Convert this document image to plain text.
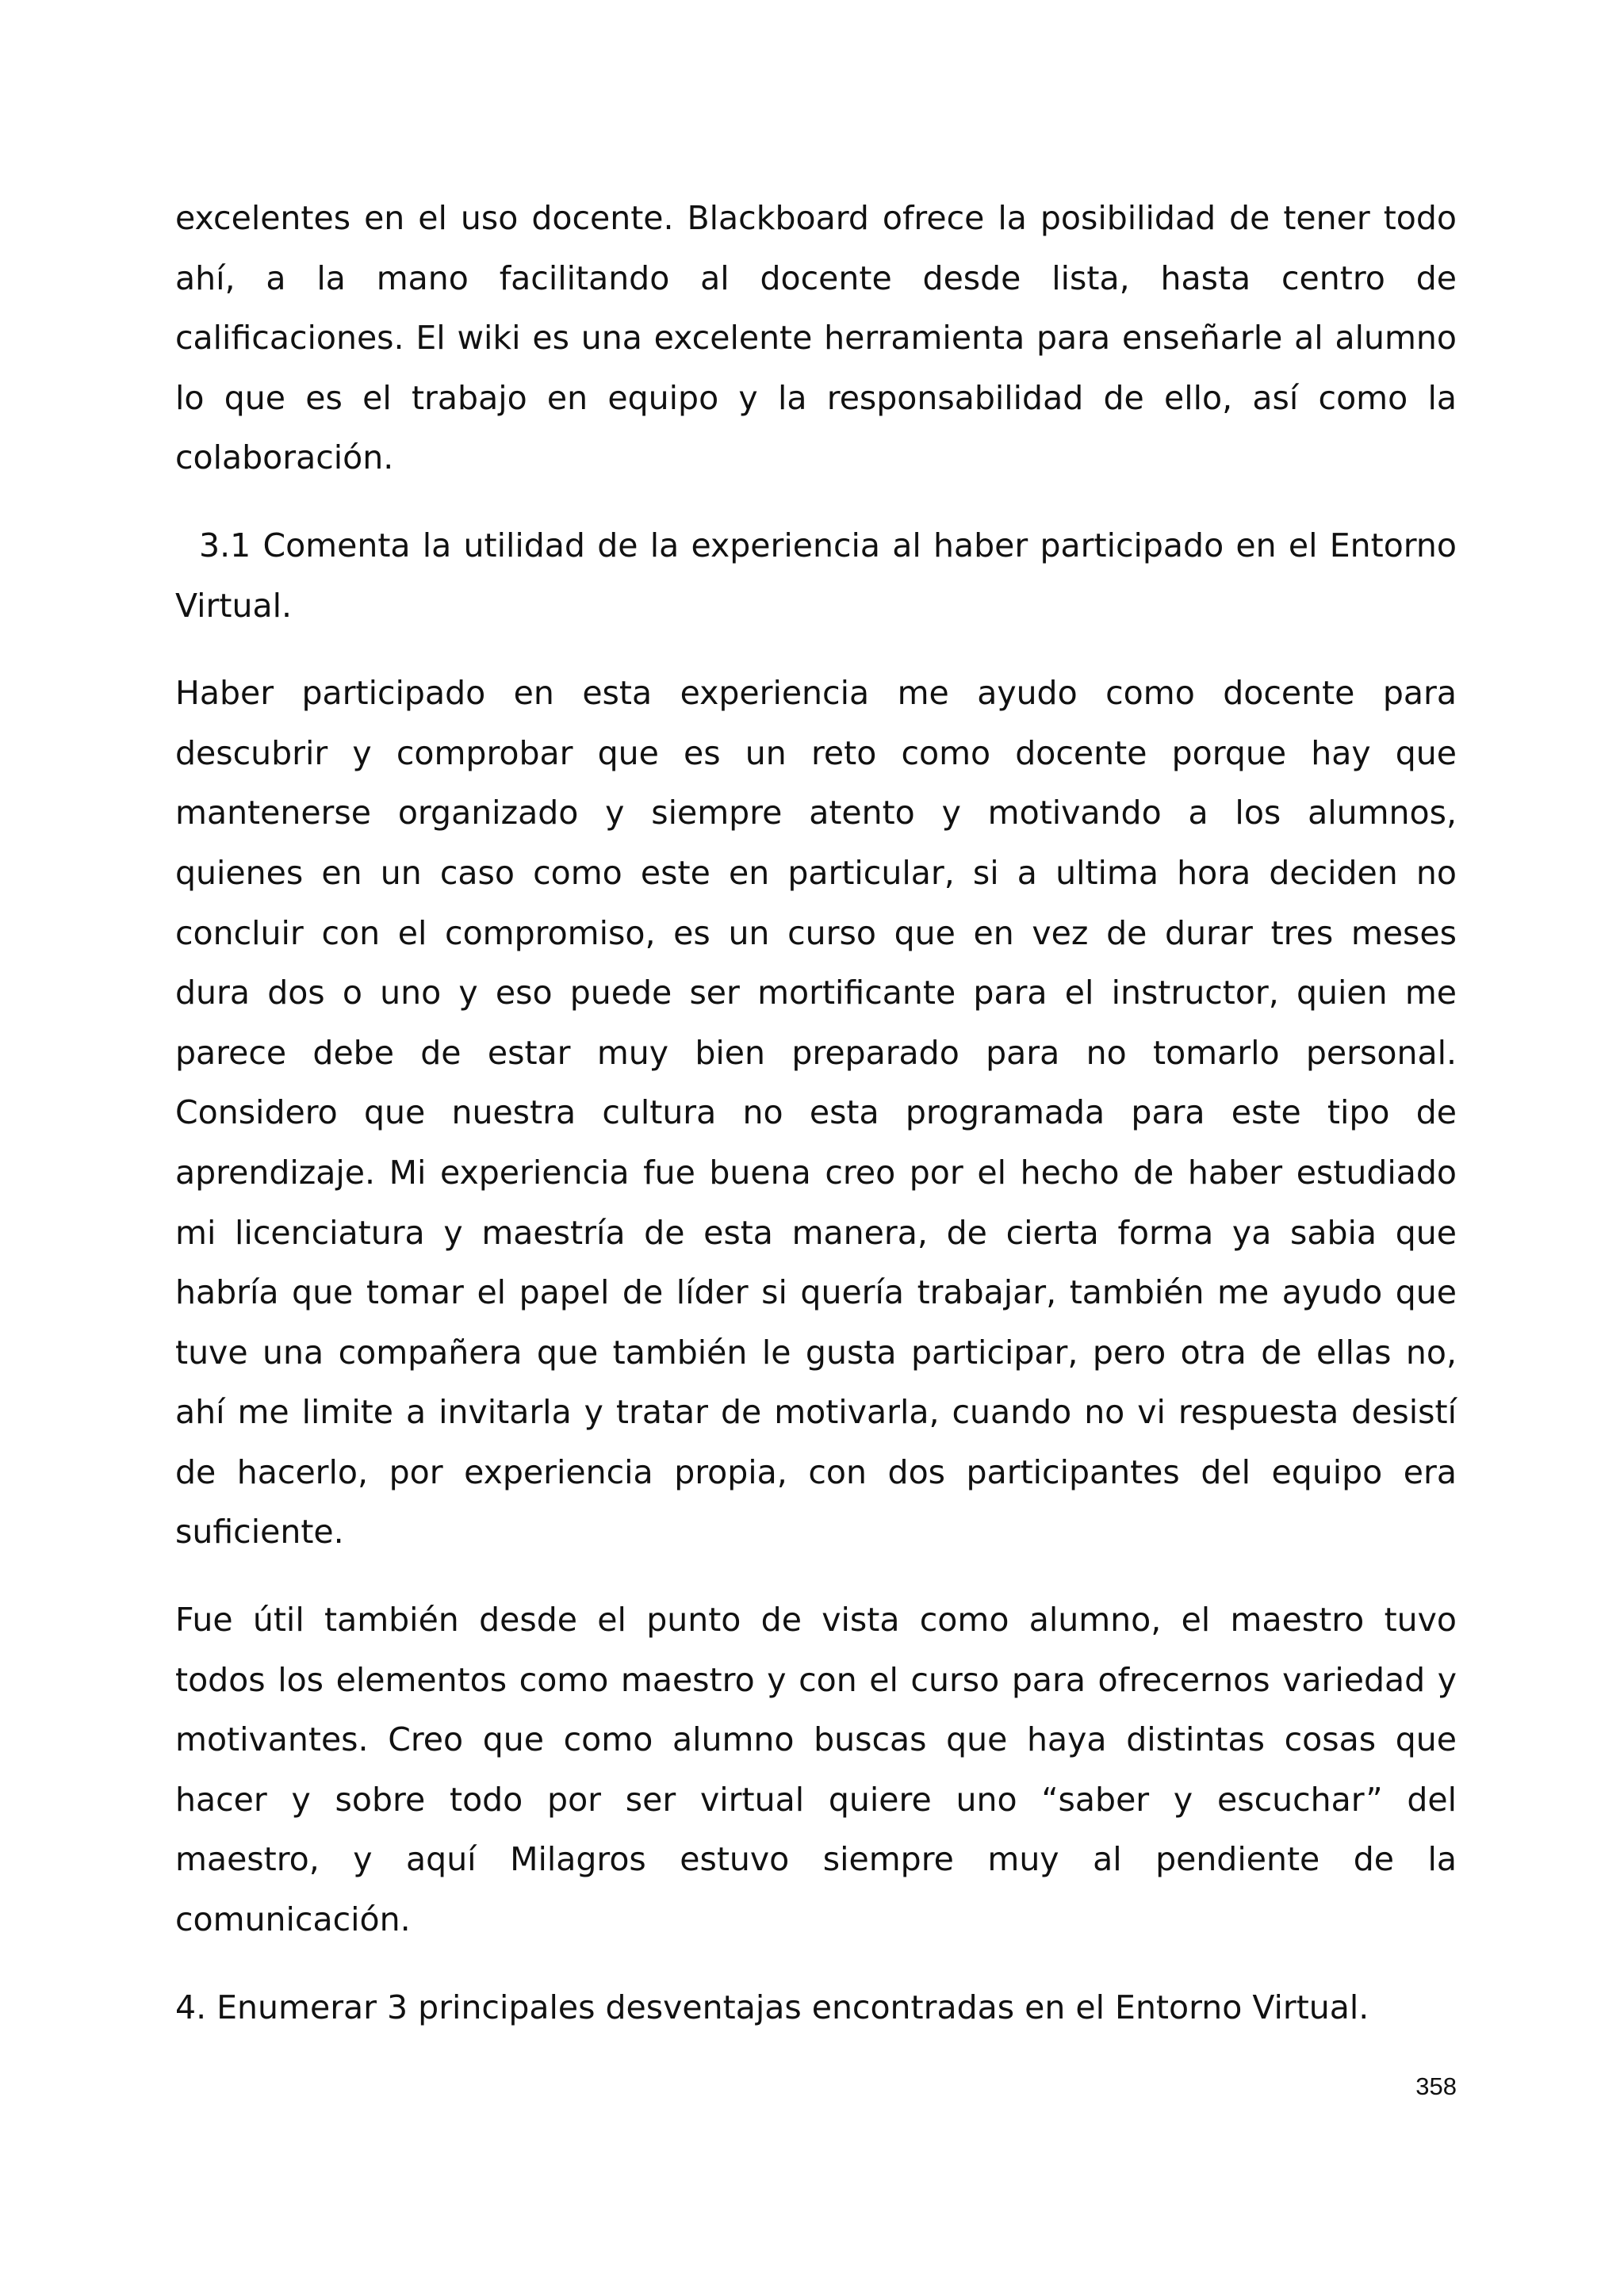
excelentes en el uso docente. Blackboard ofrece la posibilidad de tener todo
ahí, a la mano facilitando al docente desde lista, hasta centro de
calificaciones. El wiki es una excelente herramienta para enseñarle al alumno
lo que es el trabajo en equipo y la responsabilidad de ello, así como la
colaboración.
3.1 Comenta la utilidad de la experiencia al haber participado en el Entorno
Virtual.
Haber participado en esta experiencia me ayudo como docente para
descubrir y comprobar que es un reto como docente porque hay que
mantenerse organizado y siempre atento y motivando a los alumnos,
quienes en un caso como este en particular, si a ultima hora deciden no
concluir con el compromiso, es un curso que en vez de durar tres meses
dura dos o uno y eso puede ser mortificante para el instructor, quien me
parece debe de estar muy bien preparado para no tomarlo personal.
Considero que nuestra cultura no esta programada para este tipo de
aprendizaje. Mi experiencia fue buena creo por el hecho de haber estudiado
mi licenciatura y maestría de esta manera, de cierta forma ya sabia que
habría que tomar el papel de líder si quería trabajar, también me ayudo que
tuve una compañera que también le gusta participar, pero otra de ellas no,
ahí me limite a invitarla y tratar de motivarla, cuando no vi respuesta desistí
de hacerlo, por experiencia propia, con dos participantes del equipo era
suficiente.
Fue útil también desde el punto de vista como alumno, el maestro tuvo
todos los elementos como maestro y con el curso para ofrecernos variedad y
motivantes. Creo que como alumno buscas que haya distintas cosas que
hacer y sobre todo por ser virtual quiere uno “saber y escuchar” del
maestro, y aquí Milagros estuvo siempre muy al pendiente de la
comunicación.
4. Enumerar 3 principales desventajas encontradas en el Entorno Virtual.
358
